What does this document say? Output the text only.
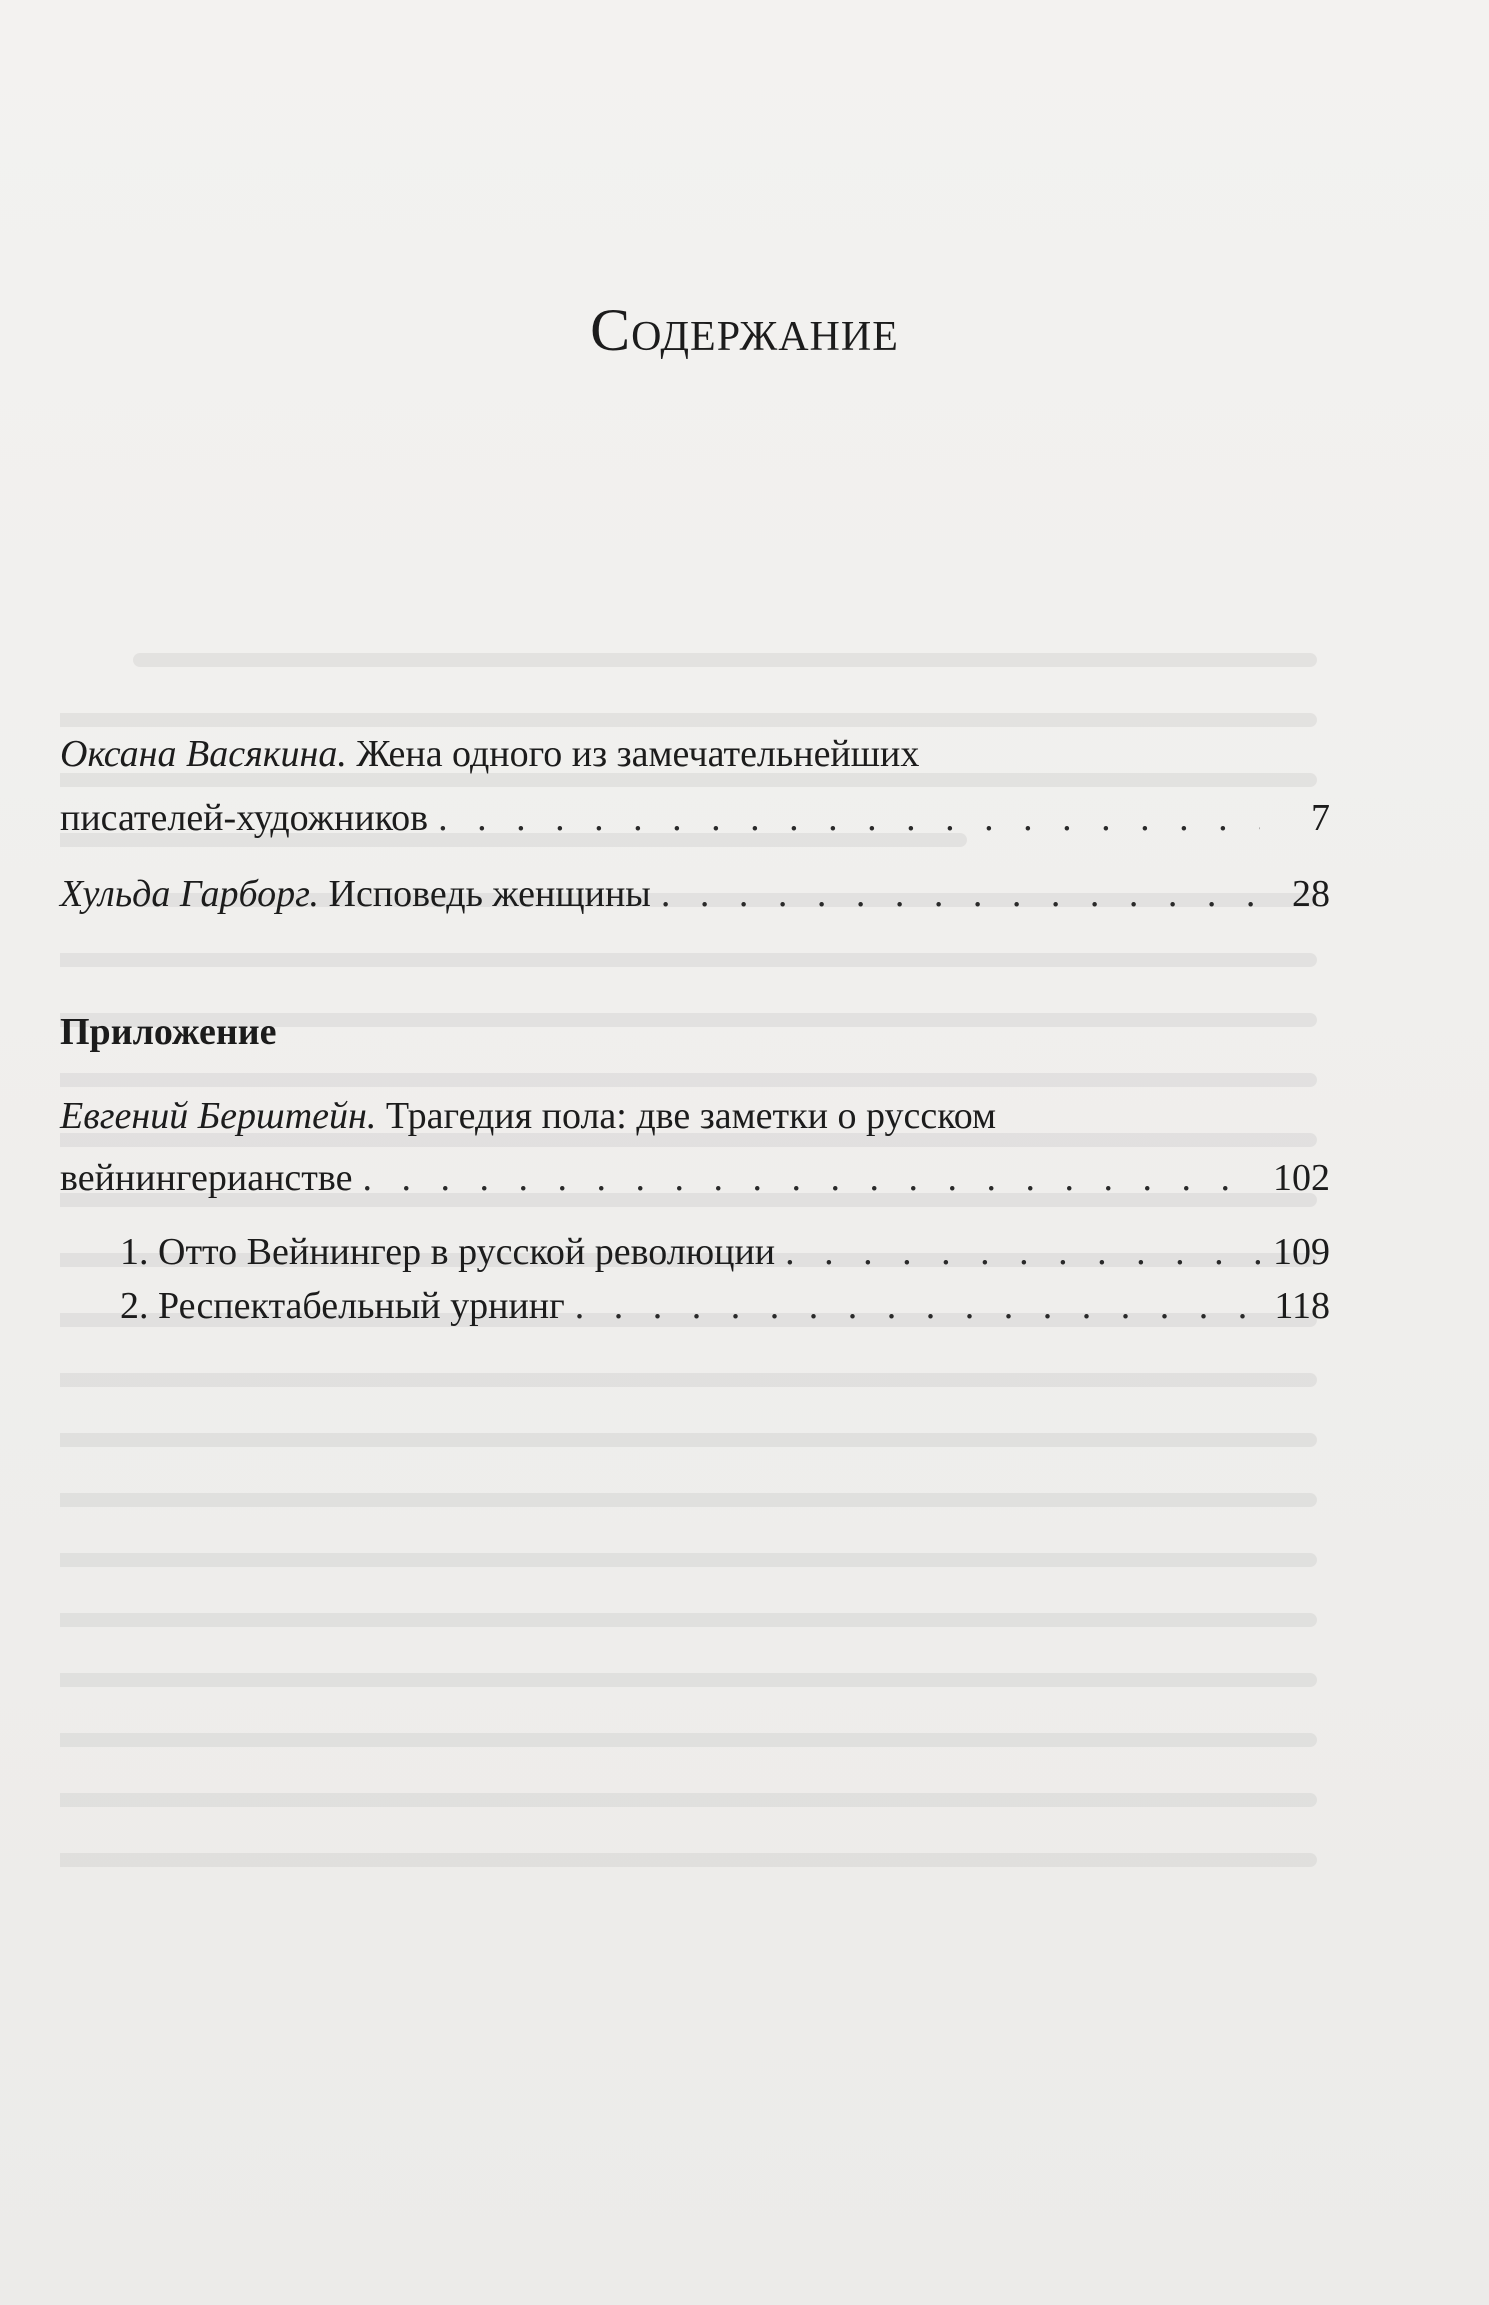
Содержание
Оксана Васякина. Жена одного из замечательнейших
писателей-художников . . .	7
Хульда Гарборг. Исповедь женщины . . .	28
Приложение
Евгений Берштейн. Трагедия пола: две заметки о русском
вейнингерианстве . . .	102
1. Отто Вейнингер в русской революции . . .	109
2. Респектабельный урнинг . . .	118
